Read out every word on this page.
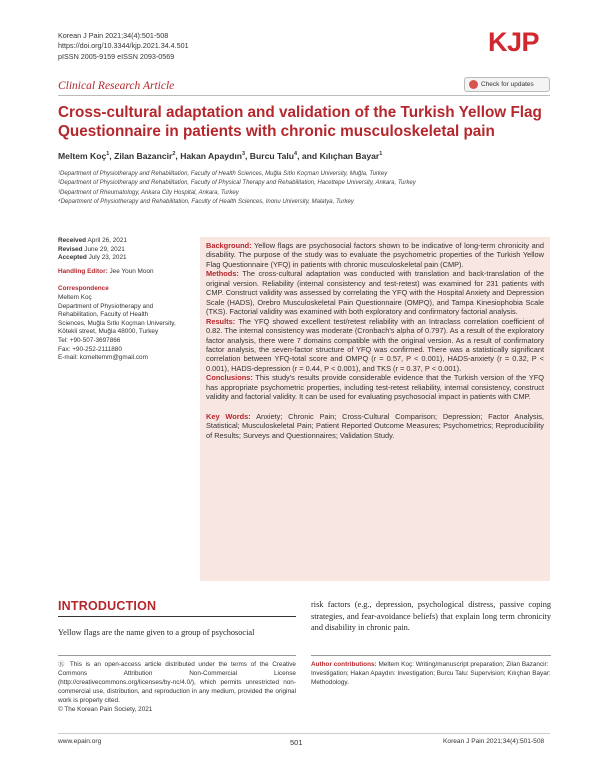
Korean J Pain 2021;34(4):501-508
https://doi.org/10.3344/kjp.2021.34.4.501
pISSN 2005-9159 eISSN 2093-0569	KJP
Clinical Research Article	Check for updates
Cross-cultural adaptation and validation of the Turkish Yellow Flag Questionnaire in patients with chronic musculoskeletal pain
Meltem Koç$^1$, Zilan Bazancir$^2$, Hakan Apaydın$^3$, Burcu Talu$^4$, and Kılıçhan Bayar$^1$
¹Department of Physiotherapy and Rehabilitation, Faculty of Health Sciences, Muğla Sıtkı Koçman University, Muğla, Turkey
²Department of Physiotherapy and Rehabilitation, Faculty of Physical Therapy and Rehabilitation, Hacettepe University, Ankara, Turkey
³Department of Rheumatology, Ankara City Hospital, Ankara, Turkey
⁴Department of Physiotherapy and Rehabilitation, Faculty of Health Sciences, Inonu University, Malatya, Turkey
Received April 26, 2021
Revised June 29, 2021
Accepted July 23, 2021
Handling Editor: Jee Youn Moon
Correspondence
Meltem Koç
Department of Physiotherapy and
Rehabilitation, Faculty of Health
Sciences, Muğla Sıtkı Koçman University,
Kötekli street, Muğla 48000, Turkey
Tel: +90-507-3697866
Fax: +90-252-2111880
E-mail: kcmeltemm@gmail.com

Background: Yellow flags are psychosocial factors shown to be indicative of long-term chronicity and disability. The purpose of the study was to evaluate the psychometric properties of the Turkish Yellow Flag Questionnaire (YFQ) in patients with chronic musculoskeletal pain (CMP).

Methods: The cross-cultural adaptation was conducted with translation and back-translation of the original version. Reliability (internal consistency and test-retest) was examined for 231 patients with CMP. Construct validity was assessed by correlating the YFQ with the Hospital Anxiety and Depression Scale (HADS), Orebro Musculoskeletal Pain Questionnaire (OMPQ), and Tampa Kinesiophobia Scale (TKS). Factorial validity was examined with both exploratory and confirmatory factorial analysis.

Results: The YFQ showed excellent test/retest reliability with an Intraclass correlation coefficient of 0.82. The internal consistency was moderate (Cronbach's alpha of 0.797). As a result of the exploratory factor analysis, there were 7 domains compatible with the original version. As a result of confirmatory factor analysis, the seven-factor structure of YFQ was confirmed. There was a statistically significant correlation between YFQ-total score and OMPQ (r = 0.57, P < 0.001), HADS-anxiety (r = 0.32, P < 0.001), HADS-depression (r = 0.44, P < 0.001), and TKS (r = 0.37, P < 0.001).

Conclusions: This study's results provide considerable evidence that the Turkish version of the YFQ has appropriate psychometric properties, including test-retest reliability, internal consistency, construct validity and factorial validity. It can be used for evaluating psychosocial impact in patients with CMP.

Key Words: Anxiety; Chronic Pain; Cross-Cultural Comparison; Depression; Factor Analysis, Statistical; Musculoskeletal Pain; Patient Reported Outcome Measures; Psychometrics; Reproducibility of Results; Surveys and Questionnaires; Validation Study.

INTRODUCTION
Yellow flags are the name given to a group of psychosocial
risk factors (e.g., depression, psychological distress, passive coping strategies, and fear-avoidance beliefs) that explain long term chronicity and disability in chronic pain.
Ⓡ This is an open-access article distributed under the terms of the Creative Commons Attribution Non-Commercial License (http://creativecommons.org/licenses/by-nc/4.0/), which permits unrestricted non-commercial use, distribution, and reproduction in any medium, provided the original work is properly cited.
© The Korean Pain Society, 2021
Author contributions: Meltem Koç: Writing/manuscript preparation; Zilan Bazancir: Investigation; Hakan Apaydın: Investigation; Burcu Talu: Supervision; Kılıçhan Bayar: Methodology.
www.epain.org	501	Korean J Pain 2021;34(4):501-508
